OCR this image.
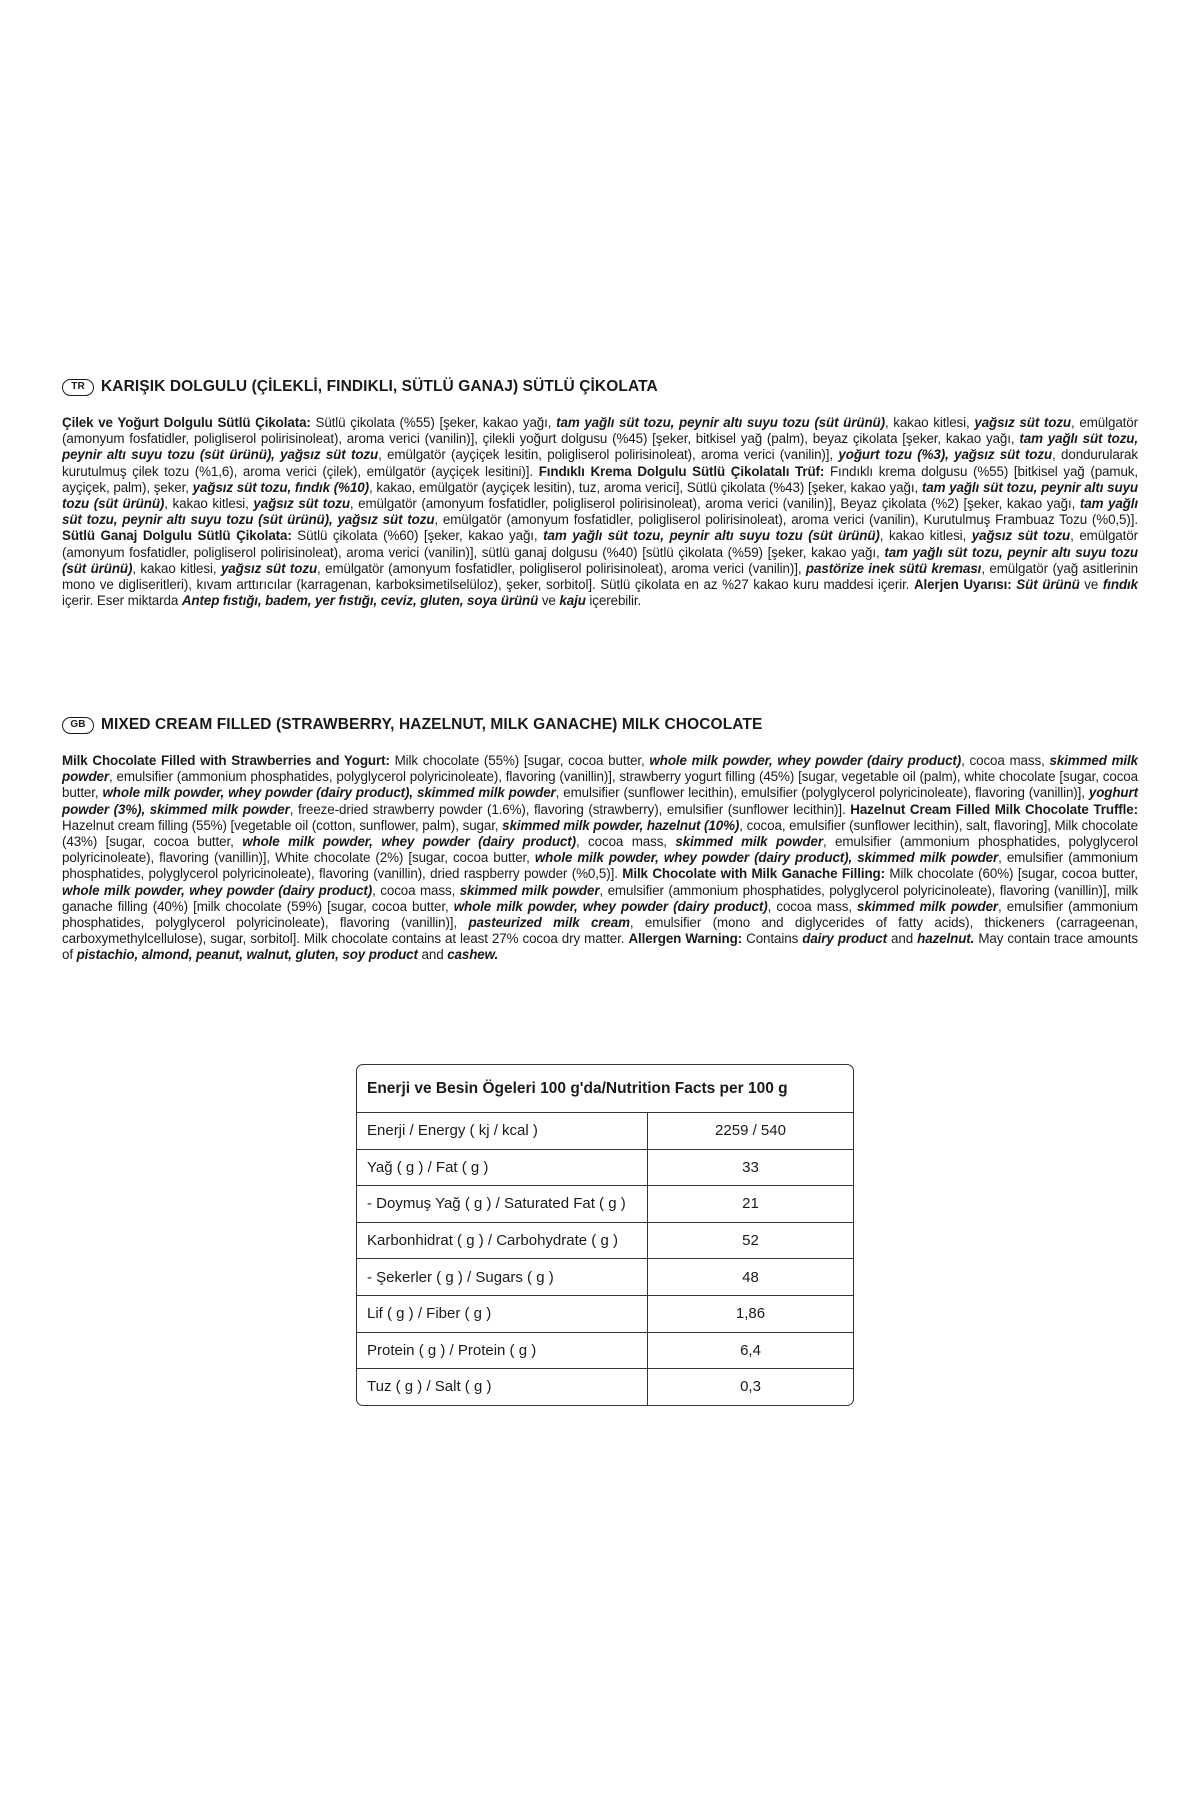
TR	KARIŞIK DOLGULU (ÇİLEKLİ, FINDIKLI, SÜTLÜ GANAJ) SÜTLÜ ÇİKOLATA
Çilek ve Yoğurt Dolgulu Sütlü Çikolata: Sütlü çikolata (%55) [şeker, kakao yağı, tam yağlı süt tozu, peynir altı suyu tozu (süt ürünü), kakao kitlesi, yağsız süt tozu, emülgatör (amonyum fosfatidler, poligliserol polirisinoleat), aroma verici (vanilin)], çilekli yoğurt dolgusu (%45) [şeker, bitkisel yağ (palm), beyaz çikolata [şeker, kakao yağı, tam yağlı süt tozu, peynir altı suyu tozu (süt ürünü), yağsız süt tozu, emülgatör (ayçiçek lesitin, poligliserol polirisinoleat), aroma verici (vanilin)], yoğurt tozu (%3), yağsız süt tozu, dondurularak kurutulmuş çilek tozu (%1,6), aroma verici (çilek), emülgatör (ayçiçek lesitini)]. Fındıklı Krema Dolgulu Sütlü Çikolatalı Trüf: Fındıklı krema dolgusu (%55) [bitkisel yağ (pamuk, ayçiçek, palm), şeker, yağsız süt tozu, fındık (%10), kakao, emülgatör (ayçiçek lesitin), tuz, aroma verici], Sütlü çikolata (%43) [şeker, kakao yağı, tam yağlı süt tozu, peynir altı suyu tozu (süt ürünü), kakao kitlesi, yağsız süt tozu, emülgatör (amonyum fosfatidler, poligliserol polirisinoleat), aroma verici (vanilin)], Beyaz çikolata (%2) [şeker, kakao yağı, tam yağlı süt tozu, peynir altı suyu tozu (süt ürünü), yağsız süt tozu, emülgatör (amonyum fosfatidler, poligliserol polirisinoleat), aroma verici (vanilin), Kurutulmuş Frambuaz Tozu (%0,5)]. Sütlü Ganaj Dolgulu Sütlü Çikolata: Sütlü çikolata (%60) [şeker, kakao yağı, tam yağlı süt tozu, peynir altı suyu tozu (süt ürünü), kakao kitlesi, yağsız süt tozu, emülgatör (amonyum fosfatidler, poligliserol polirisinoleat), aroma verici (vanilin)], sütlü ganaj dolgusu (%40) [sütlü çikolata (%59) [şeker, kakao yağı, tam yağlı süt tozu, peynir altı suyu tozu (süt ürünü), kakao kitlesi, yağsız süt tozu, emülgatör (amonyum fosfatidler, poligliserol polirisinoleat), aroma verici (vanilin)], pastörize inek sütü kreması, emülgatör (yağ asitlerinin mono ve digliseritleri), kıvam arttırıcılar (karragenan, karboksimetilselüloz), şeker, sorbitol]. Sütlü çikolata en az %27 kakao kuru maddesi içerir. Alerjen Uyarısı: Süt ürünü ve fındık içerir. Eser miktarda Antep fıstığı, badem, yer fıstığı, ceviz, gluten, soya ürünü ve kaju içerebilir.
GB MIXED CREAM FILLED (STRAWBERRY, HAZELNUT, MILK GANACHE) MILK CHOCOLATE
Milk Chocolate Filled with Strawberries and Yogurt: Milk chocolate (55%) [sugar, cocoa butter, whole milk powder, whey powder (dairy product), cocoa mass, skimmed milk powder, emulsifier (ammonium phosphatides, polyglycerol polyricinoleate), flavoring (vanillin)], strawberry yogurt filling (45%) [sugar, vegetable oil (palm), white chocolate [sugar, cocoa butter, whole milk powder, whey powder (dairy product), skimmed milk powder, emulsifier (sunflower lecithin), emulsifier (polyglycerol polyricinoleate), flavoring (vanillin)], yoghurt powder (3%), skimmed milk powder, freeze-dried strawberry powder (1.6%), flavoring (strawberry), emulsifier (sunflower lecithin)]. Hazelnut Cream Filled Milk Chocolate Truffle: Hazelnut cream filling (55%) [vegetable oil (cotton, sunflower, palm), sugar, skimmed milk powder, hazelnut (10%), cocoa, emulsifier (sunflower lecithin), salt, flavoring], Milk chocolate (43%) [sugar, cocoa butter, whole milk powder, whey powder (dairy product), cocoa mass, skimmed milk powder, emulsifier (ammonium phosphatides, polyglycerol polyricinoleate), flavoring (vanillin)], White chocolate (2%) [sugar, cocoa butter, whole milk powder, whey powder (dairy product), skimmed milk powder, emulsifier (ammonium phosphatides, polyglycerol polyricinoleate), flavoring (vanillin), dried raspberry powder (%0,5)]. Milk Chocolate with Milk Ganache Filling: Milk chocolate (60%) [sugar, cocoa butter, whole milk powder, whey powder (dairy product), cocoa mass, skimmed milk powder, emulsifier (ammonium phosphatides, polyglycerol polyricinoleate), flavoring (vanillin)], milk ganache filling (40%) [milk chocolate (59%) [sugar, cocoa butter, whole milk powder, whey powder (dairy product), cocoa mass, skimmed milk powder, emulsifier (ammonium phosphatides, polyglycerol polyricinoleate), flavoring (vanillin)], pasteurized milk cream, emulsifier (mono and diglycerides of fatty acids), thickeners (carrageenan, carboxymethylcellulose), sugar, sorbitol]. Milk chocolate contains at least 27% cocoa dry matter. Allergen Warning: Contains dairy product and hazelnut. May contain trace amounts of pistachio, almond, peanut, walnut, gluten, soy product and cashew.
Enerji ve Besin Ögeleri 100 g'da/Nutrition Facts per 100 g	
Enerji / Energy ( kj / kcal )	2259 / 540
Yağ ( g ) / Fat ( g )	33
- Doymuş Yağ ( g ) / Saturated Fat ( g )	21
Karbonhidrat ( g ) / Carbohydrate ( g )	52
- Şekerler ( g ) / Sugars ( g )	48
Lif ( g ) / Fiber ( g )	1,86
Protein ( g ) / Protein ( g )	6,4
Tuz ( g ) / Salt ( g )	0,3
